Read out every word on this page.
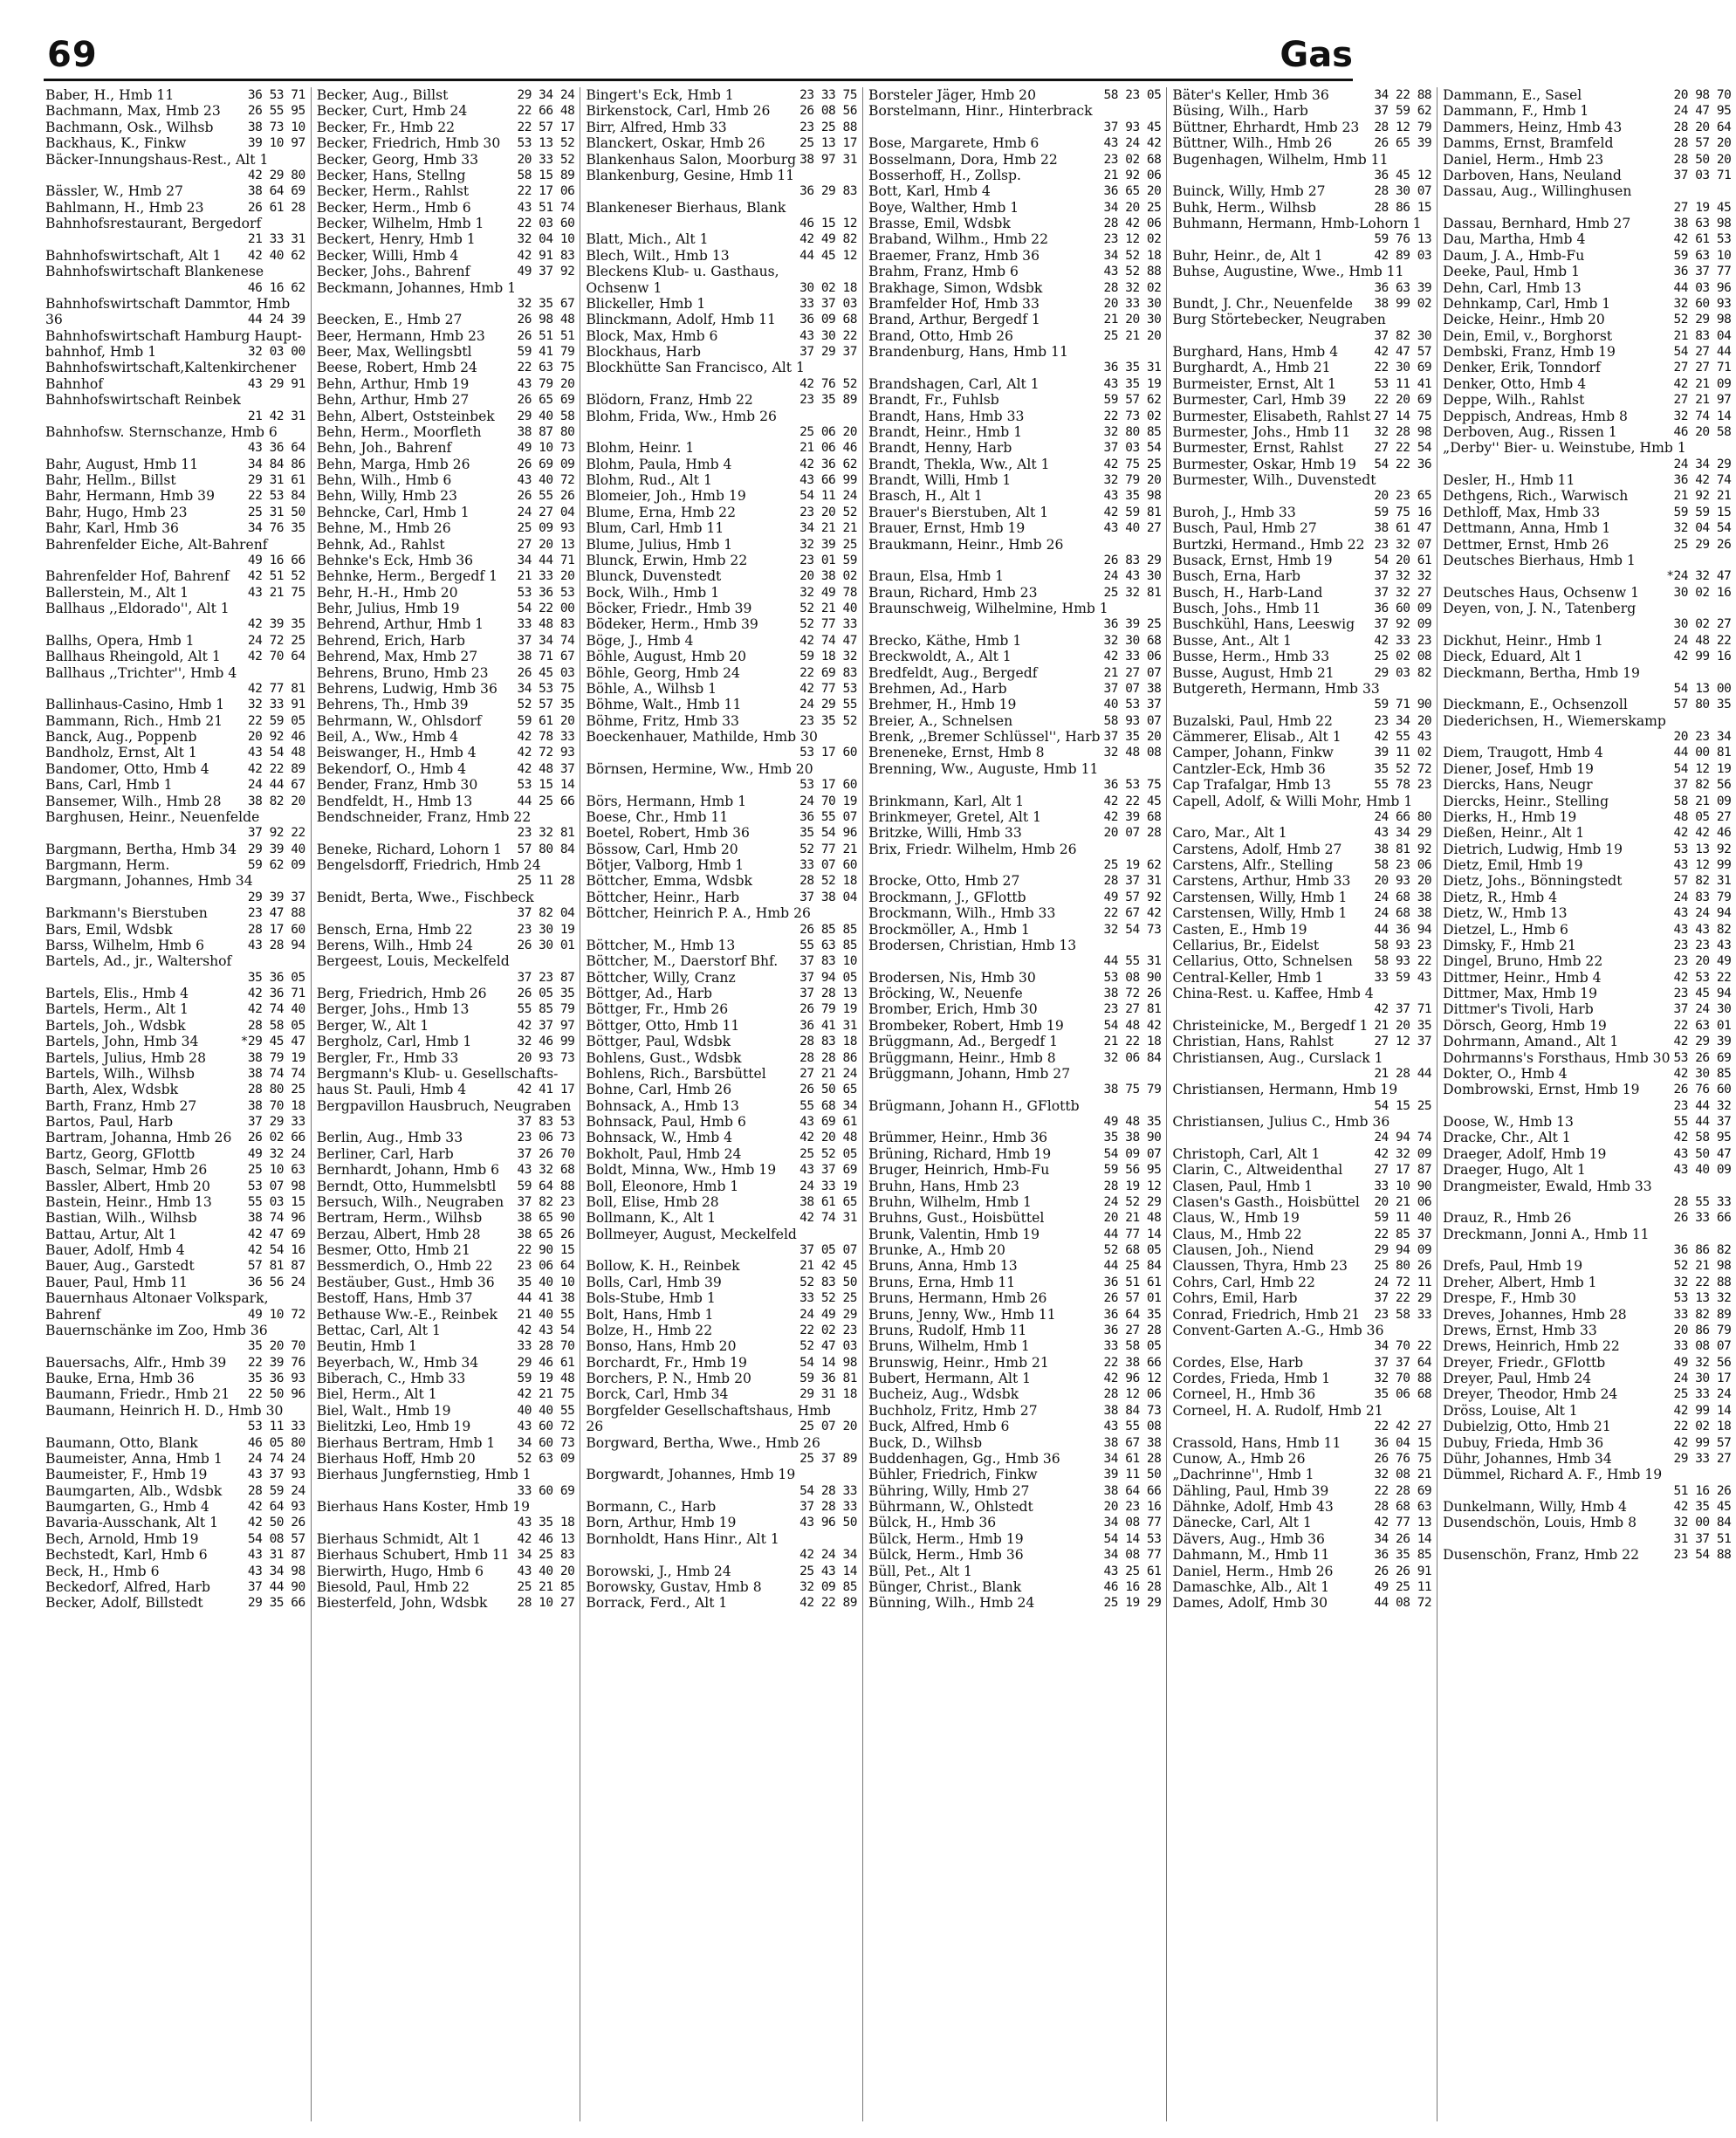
69	Gas
Baber, H., Hmb 11	36 53 71
Bachmann, Max, Hmb 23	26 55 95
Bachmann, Osk., Wilhsb	38 73 10
Backhaus, K., Finkw	39 10 97
Bäcker-Innungshaus-Rest., Alt 1
42 29 80
Bässler, W., Hmb 27	38 64 69
Bahlmann, H., Hmb 23	26 61 28
Bahnhofsrestaurant, Bergedorf
21 33 31
Bahnhofswirtschaft, Alt 1	42 40 62
Bahnhofswirtschaft Blankenese
46 16 62
Bahnhofswirtschaft Dammtor, Hmb
36	44 24 39
Bahnhofswirtschaft Hamburg Haupt-
bahnhof, Hmb 1	32 03 00
Bahnhofswirtschaft,Kaltenkirchener
Bahnhof	43 29 91
Bahnhofswirtschaft Reinbek
21 42 31
Bahnhofsw. Sternschanze, Hmb 6
43 36 64
Bahr, August, Hmb 11	34 84 86
Bahr, Hellm., Billst	29 31 61
Bahr, Hermann, Hmb 39	22 53 84
Bahr, Hugo, Hmb 23	25 31 50
Bahr, Karl, Hmb 36	34 76 35
Bahrenfelder Eiche, Alt-Bahrenf
49 16 66
Bahrenfelder Hof, Bahrenf	42 51 52
Ballerstein, M., Alt 1	43 21 75
Ballhaus ,,Eldorado'', Alt 1
42 39 35
Ballhs, Opera, Hmb 1	24 72 25
Ballhaus Rheingold, Alt 1	42 70 64
Ballhaus ,,Trichter'', Hmb 4
42 77 81
Ballinhaus-Casino, Hmb 1	32 33 91
Bammann, Rich., Hmb 21	22 59 05
Banck, Aug., Poppenb	20 92 46
Bandholz, Ernst, Alt 1	43 54 48
Bandomer, Otto, Hmb 4	42 22 89
Bans, Carl, Hmb 1	24 44 67
Bansemer, Wilh., Hmb 28	38 82 20
Barghusen, Heinr., Neuenfelde
37 92 22
Bargmann, Bertha, Hmb 34 29 39 40
Bargmann, Herm.	59 62 09
Bargmann, Johannes, Hmb 34
29 39 37
Barkmann's Bierstuben	23 47 88
Bars, Emil, Wdsbk	28 17 60
Barss, Wilhelm, Hmb 6	43 28 94
Bartels, Ad., jr., Waltershof
35 36 05
Bartels, Elis., Hmb 4	42 36 71
Bartels, Herm., Alt 1	42 74 40
Bartels, Joh., Wdsbk	28 58 05
Bartels, John, Hmb 34	*29 45 47
Bartels, Julius, Hmb 28	38 79 19
Bartels, Wilh., Wilhsb	38 74 74
Barth, Alex, Wdsbk	28 80 25
Barth, Franz, Hmb 27	38 70 18
Bartos, Paul, Harb	37 29 33
Bartram, Johanna, Hmb 26	26 02 66
Bartz, Georg, GFlottb	49 32 24
Basch, Selmar, Hmb 26	25 10 63
Bassler, Albert, Hmb 20	53 07 98
Bastein, Heinr., Hmb 13	55 03 15
Bastian, Wilh., Wilhsb	38 74 96
Battau, Artur, Alt 1	42 47 69
Bauer, Adolf, Hmb 4	42 54 16
Bauer, Aug., Garstedt	57 81 87
Bauer, Paul, Hmb 11	36 56 24
Bauernhaus Altonaer Volkspark,
Bahrenf	49 10 72
Bauernschänke im Zoo, Hmb 36
35 20 70
Bauersachs, Alfr., Hmb 39	22 39 76
Bauke, Erna, Hmb 36	35 36 93
Baumann, Friedr., Hmb 21	22 50 96
Baumann, Heinrich H. D., Hmb 30
53 11 33
Baumann, Otto, Blank	46 05 80
Baumeister, Anna, Hmb 1	24 74 24
Baumeister, F., Hmb 19	43 37 93
Baumgarten, Alb., Wdsbk	28 59 24
Baumgarten, G., Hmb 4	42 64 93
Bavaria-Ausschank, Alt 1	42 50 26
Bech, Arnold, Hmb 19	54 08 57
Bechstedt, Karl, Hmb 6	43 31 87
Beck, H., Hmb 6	43 34 98
Beckedorf, Alfred, Harb	37 44 90
Becker, Adolf, Billstedt	29 35 66
Becker, Aug., Billst	29 34 24
Becker, Curt, Hmb 24	22 66 48
Becker, Fr., Hmb 22	22 57 17
Becker, Friedrich, Hmb 30	53 13 52
Becker, Georg, Hmb 33	20 33 52
Becker, Hans, Stellng	58 15 89
Becker, Herm., Rahlst	22 17 06
Becker, Herm., Hmb 6	43 51 74
Becker, Wilhelm, Hmb 1	22 03 60
Beckert, Henry, Hmb 1	32 04 10
Becker, Willi, Hmb 4	42 91 83
Becker, Johs., Bahrenf	49 37 92
Beckmann, Johannes, Hmb 1
32 35 67
Beecken, E., Hmb 27	26 98 48
Beer, Hermann, Hmb 23	26 51 51
Beer, Max, Wellingsbtl	59 41 79
Beese, Robert, Hmb 24	22 63 75
Behn, Arthur, Hmb 19	43 79 20
Behn, Arthur, Hmb 27	26 65 69
Behn, Albert, Oststeinbek	29 40 58
Behn, Herm., Moorfleth	38 87 80
Behn, Joh., Bahrenf	49 10 73
Behn, Marga, Hmb 26	26 69 09
Behn, Wilh., Hmb 6	43 40 72
Behn, Willy, Hmb 23	26 55 26
Behncke, Carl, Hmb 1	24 27 04
Behne, M., Hmb 26	25 09 93
Behnk, Ad., Rahlst	27 20 13
Behnke's Eck, Hmb 36	34 44 71
Behnke, Herm., Bergedf 1	21 33 20
Behr, H.-H., Hmb 20	53 36 53
Behr, Julius, Hmb 19	54 22 00
Behrend, Arthur, Hmb 1	33 48 83
Behrend, Erich, Harb	37 34 74
Behrend, Max, Hmb 27	38 71 67
Behrens, Bruno, Hmb 23	26 45 03
Behrens, Ludwig, Hmb 36	34 53 75
Behrens, Th., Hmb 39	52 57 35
Behrmann, W., Ohlsdorf	59 61 20
Beil, A., Ww., Hmb 4	42 78 33
Beiswanger, H., Hmb 4	42 72 93
Bekendorf, O., Hmb 4	42 48 37
Bender, Franz, Hmb 30	53 15 14
Bendfeldt, H., Hmb 13	44 25 66
Bendschneider, Franz, Hmb 22
23 32 81
Beneke, Richard, Lohorn 1	57 80 84
Bengelsdorff, Friedrich, Hmb 24
25 11 28
Benidt, Berta, Wwe., Fischbeck
37 82 04
Bensch, Erna, Hmb 22	23 30 19
Berens, Wilh., Hmb 24	26 30 01
Bergeest, Louis, Meckelfeld
37 23 87
Berg, Friedrich, Hmb 26	26 05 35
Berger, Johs., Hmb 13	55 85 79
Berger, W., Alt 1	42 37 97
Bergholz, Carl, Hmb 1	32 46 99
Bergler, Fr., Hmb 33	20 93 73
Bergmann's Klub- u. Gesellschafts-
haus St. Pauli, Hmb 4	42 41 17
Bergpavillon Hausbruch, Neugraben
37 83 53
Berlin, Aug., Hmb 33	23 06 73
Berliner, Carl, Harb	37 26 70
Bernhardt, Johann, Hmb 6	43 32 68
Berndt, Otto, Hummelsbtl	59 64 88
Bersuch, Wilh., Neugraben	37 82 23
Bertram, Herm., Wilhsb	38 65 90
Berzau, Albert, Hmb 28	38 65 26
Besmer, Otto, Hmb 21	22 90 15
Bessmerdich, O., Hmb 22	23 06 64
Bestäuber, Gust., Hmb 36	35 40 10
Bestoff, Hans, Hmb 37	44 41 38
Bethause Ww.-E., Reinbek	21 40 55
Bettac, Carl, Alt 1	42 43 54
Beutin, Hmb 1	33 28 70
Beyerbach, W., Hmb 34	29 46 61
Biberach, C., Hmb 33	59 19 48
Biel, Herm., Alt 1	42 21 75
Biel, Walt., Hmb 19	40 40 55
Bielitzki, Leo, Hmb 19	43 60 72
Bierhaus Bertram, Hmb 1	34 60 73
Bierhaus Hoff, Hmb 20	52 63 09
Bierhaus Jungfernstieg, Hmb 1
33 60 69
Bierhaus Hans Koster, Hmb 19
43 35 18
Bierhaus Schmidt, Alt 1	42 46 13
Bierhaus Schubert, Hmb 11 34 25 83
Bierwirth, Hugo, Hmb 6	43 40 20
Biesold, Paul, Hmb 22	25 21 85
Biesterfeld, John, Wdsbk	28 10 27
Bingert's Eck, Hmb 1	23 33 75
Birkenstock, Carl, Hmb 26	26 08 56
Birr, Alfred, Hmb 33	23 25 88
Blanckert, Oskar, Hmb 26	25 13 17
Blankenhaus Salon, Moorburg 38 97 31
Blankenburg, Gesine, Hmb 11
36 29 83
Blankeneser Bierhaus, Blank
46 15 12
Blatt, Mich., Alt 1	42 49 82
Blech, Wilt., Hmb 13	44 45 12
Bleckens Klub- u. Gasthaus,
Ochsenw 1	30 02 18
Blickeller, Hmb 1	33 37 03
Blinckmann, Adolf, Hmb 11	36 09 68
Block, Max, Hmb 6	43 30 22
Blockhaus, Harb	37 29 37
Blockhütte San Francisco, Alt 1
42 76 52
Blödorn, Franz, Hmb 22	23 35 89
Blohm, Frida, Ww., Hmb 26
25 06 20
Blohm, Heinr. 1	21 06 46
Blohm, Paula, Hmb 4	42 36 62
Blohm, Rud., Alt 1	43 66 99
Blomeier, Joh., Hmb 19	54 11 24
Blume, Erna, Hmb 22	23 20 52
Blum, Carl, Hmb 11	34 21 21
Blume, Julius, Hmb 1	32 39 25
Blunck, Erwin, Hmb 22	23 01 59
Blunck, Duvenstedt	20 38 02
Bock, Wilh., Hmb 1	32 49 78
Böcker, Friedr., Hmb 39	52 21 40
Bödeker, Herm., Hmb 39	52 77 33
Böge, J., Hmb 4	42 74 47
Böhle, August, Hmb 20	59 18 32
Böhle, Georg, Hmb 24	22 69 83
Böhle, A., Wilhsb 1	42 77 53
Böhme, Walt., Hmb 11	24 29 55
Böhme, Fritz, Hmb 33	23 35 52
Boeckenhauer, Mathilde, Hmb 30
53 17 60
Börnsen, Hermine, Ww., Hmb 20
53 17 60
Börs, Hermann, Hmb 1	24 70 19
Boese, Chr., Hmb 11	36 55 07
Boetel, Robert, Hmb 36	35 54 96
Bössow, Carl, Hmb 20	52 77 21
Bötjer, Valborg, Hmb 1	33 07 60
Böttcher, Emma, Wdsbk	28 52 18
Böttcher, Heinr., Harb	37 38 04
Böttcher, Heinrich P. A., Hmb 26
26 85 85
Böttcher, M., Hmb 13	55 63 85
Böttcher, M., Daerstorf Bhf.	37 83 10
Böttcher, Willy, Cranz	37 94 05
Böttger, Ad., Harb	37 28 13
Böttger, Fr., Hmb 26	26 79 19
Böttger, Otto, Hmb 11	36 41 31
Böttger, Paul, Wdsbk	28 83 18
Bohlens, Gust., Wdsbk	28 28 86
Bohlens, Rich., Barsbüttel	27 21 24
Bohne, Carl, Hmb 26	26 50 65
Bohnsack, A., Hmb 13	55 68 34
Bohnsack, Paul, Hmb 6	43 69 61
Bohnsack, W., Hmb 4	42 20 48
Bokholt, Paul, Hmb 24	25 52 05
Boldt, Minna, Ww., Hmb 19	43 37 69
Boll, Eleonore, Hmb 1	24 33 19
Boll, Elise, Hmb 28	38 61 65
Bollmann, K., Alt 1	42 74 31
Bollmeyer, August, Meckelfeld
37 05 07
Bollow, K. H., Reinbek	21 42 45
Bolls, Carl, Hmb 39	52 83 50
Bols-Stube, Hmb 1	33 52 25
Bolt, Hans, Hmb 1	24 49 29
Bolze, H., Hmb 22	22 02 23
Bonso, Hans, Hmb 20	52 47 03
Borchardt, Fr., Hmb 19	54 14 98
Borchers, P. N., Hmb 20	59 36 81
Borck, Carl, Hmb 34	29 31 18
Borgfelder Gesellschaftshaus, Hmb
26	25 07 20
Borgward, Bertha, Wwe., Hmb 26
25 37 89
Borgwardt, Johannes, Hmb 19
54 28 33
Bormann, C., Harb	37 28 33
Born, Arthur, Hmb 19	43 96 50
Bornholdt, Hans Hinr., Alt 1
42 24 34
Borowski, J., Hmb 24	25 43 14
Borowsky, Gustav, Hmb 8	32 09 85
Borrack, Ferd., Alt 1	42 22 89
Borsteler Jäger, Hmb 20	58 23 05
Borstelmann, Hinr., Hinterbrack
37 93 45
Bose, Margarete, Hmb 6	43 24 42
Bosselmann, Dora, Hmb 22	23 02 68
Bosserhoff, H., Zollsp.	21 92 06
Bott, Karl, Hmb 4	36 65 20
Boye, Walther, Hmb 1	34 20 25
Brasse, Emil, Wdsbk	28 42 06
Braband, Wilhm., Hmb 22	23 12 02
Braemer, Franz, Hmb 36	34 52 18
Brahm, Franz, Hmb 6	43 52 88
Brakhage, Simon, Wdsbk	28 32 02
Bramfelder Hof, Hmb 33	20 33 30
Brand, Arthur, Bergedf 1	21 20 30
Brand, Otto, Hmb 26	25 21 20
Brandenburg, Hans, Hmb 11
36 35 31
Brandshagen, Carl, Alt 1	43 35 19
Brandt, Fr., Fuhlsb	59 57 62
Brandt, Hans, Hmb 33	22 73 02
Brandt, Heinr., Hmb 1	32 80 85
Brandt, Henny, Harb	37 03 54
Brandt, Thekla, Ww., Alt 1	42 75 25
Brandt, Willi, Hmb 1	32 79 20
Brasch, H., Alt 1	43 35 98
Brauer's Bierstuben, Alt 1	42 59 81
Brauer, Ernst, Hmb 19	43 40 27
Braukmann, Heinr., Hmb 26
26 83 29
Braun, Elsa, Hmb 1	24 43 30
Braun, Richard, Hmb 23	25 32 81
Braunschweig, Wilhelmine, Hmb 1
36 39 25
Brecko, Käthe, Hmb 1	32 30 68
Breckwoldt, A., Alt 1	42 33 06
Bredfeldt, Aug., Bergedf	21 27 07
Brehmen, Ad., Harb	37 07 38
Brehmer, H., Hmb 19	40 53 37
Breier, A., Schnelsen	58 93 07
Brenk, ,,Bremer Schlüssel'', Harb 37 35 20
Breneneke, Ernst, Hmb 8	32 48 08
Brenning, Ww., Auguste, Hmb 11
36 53 75
Brinkmann, Karl, Alt 1	42 22 45
Brinkmeyer, Gretel, Alt 1	42 39 68
Britzke, Willi, Hmb 33	20 07 28
Brix, Friedr. Wilhelm, Hmb 26
25 19 62
Brocke, Otto, Hmb 27	28 37 31
Brockmann, J., GFlottb	49 57 92
Brockmann, Wilh., Hmb 33	22 67 42
Brockmöller, A., Hmb 1	32 54 73
Brodersen, Christian, Hmb 13
44 55 31
Brodersen, Nis, Hmb 30	53 08 90
Bröcking, W., Neuenfe	38 72 26
Bromber, Erich, Hmb 30	23 27 81
Brombeker, Robert, Hmb 19	54 48 42
Brüggmann, Ad., Bergedf 1	21 22 18
Brüggmann, Heinr., Hmb 8	32 06 84
Brüggmann, Johann, Hmb 27
38 75 79
Brügmann, Johann H., GFlottb
49 48 35
Brümmer, Heinr., Hmb 36	35 38 90
Brüning, Richard, Hmb 19	54 09 07
Bruger, Heinrich, Hmb-Fu	59 56 95
Bruhn, Hans, Hmb 23	28 19 12
Bruhn, Wilhelm, Hmb 1	24 52 29
Bruhns, Gust., Hoisbüttel	20 21 48
Brunk, Valentin, Hmb 19	44 77 14
Brunke, A., Hmb 20	52 68 05
Bruns, Anna, Hmb 13	44 25 84
Bruns, Erna, Hmb 11	36 51 61
Bruns, Hermann, Hmb 26	26 57 01
Bruns, Jenny, Ww., Hmb 11	36 64 35
Bruns, Rudolf, Hmb 11	36 27 28
Bruns, Wilhelm, Hmb 1	33 58 05
Brunswig, Heinr., Hmb 21	22 38 66
Bubert, Hermann, Alt 1	42 96 12
Bucheiz, Aug., Wdsbk	28 12 06
Buchholz, Fritz, Hmb 27	38 84 73
Buck, Alfred, Hmb 6	43 55 08
Buck, D., Wilhsb	38 67 38
Buddenhagen, Gg., Hmb 36	34 61 28
Bühler, Friedrich, Finkw	39 11 50
Bühring, Willy, Hmb 27	38 64 66
Bührmann, W., Ohlstedt	20 23 16
Bülck, H., Hmb 36	34 08 77
Bülck, Herm., Hmb 19	54 14 53
Bülck, Herm., Hmb 36	34 08 77
Büll, Pet., Alt 1	43 25 61
Bünger, Christ., Blank	46 16 28
Bünning, Wilh., Hmb 24	25 19 29
Bäter's Keller, Hmb 36	34 22 88
Büsing, Wilh., Harb	37 59 62
Büttner, Ehrhardt, Hmb 23	28 12 79
Büttner, Wilh., Hmb 26	26 65 39
Bugenhagen, Wilhelm, Hmb 11
36 45 12
Buinck, Willy, Hmb 27	28 30 07
Buhk, Herm., Wilhsb	28 86 15
Buhmann, Hermann, Hmb-Lohorn 1
59 76 13
Buhr, Heinr., de, Alt 1	42 89 03
Buhse, Augustine, Wwe., Hmb 11
36 63 39
Bundt, J. Chr., Neuenfelde	38 99 02
Burg Störtebecker, Neugraben
37 82 30
Burghard, Hans, Hmb 4	42 47 57
Burghardt, A., Hmb 21	22 30 69
Burmeister, Ernst, Alt 1	53 11 41
Burmester, Carl, Hmb 39	22 20 69
Burmester, Elisabeth, Rahlst 27 14 75
Burmester, Johs., Hmb 11	32 28 98
Burmester, Ernst, Rahlst	27 22 54
Burmester, Oskar, Hmb 19	54 22 36
Burmester, Wilh., Duvenstedt
20 23 65
Buroh, J., Hmb 33	59 75 16
Busch, Paul, Hmb 27	38 61 47
Burtzki, Hermand., Hmb 22 23 32 07
Busack, Ernst, Hmb 19	54 20 61
Busch, Erna, Harb	37 32 32
Busch, H., Harb-Land	37 32 27
Busch, Johs., Hmb 11	36 60 09
Buschkühl, Hans, Leeswig	37 92 09
Busse, Ant., Alt 1	42 33 23
Busse, Herm., Hmb 33	25 02 08
Busse, August, Hmb 21	29 03 82
Butgereth, Hermann, Hmb 33
59 71 90
Buzalski, Paul, Hmb 22	23 34 20
Cämmerer, Elisab., Alt 1	42 55 43
Camper, Johann, Finkw	39 11 02
Cantzler-Eck, Hmb 36	35 52 72
Cap Trafalgar, Hmb 13	55 78 23
Capell, Adolf, & Willi Mohr, Hmb 1
24 66 80
Caro, Mar., Alt 1	43 34 29
Carstens, Adolf, Hmb 27	38 81 92
Carstens, Alfr., Stelling	58 23 06
Carstens, Arthur, Hmb 33	20 93 20
Carstensen, Willy, Hmb 1	24 68 38
Carstensen, Willy, Hmb 1	24 68 38
Casten, E., Hmb 19	44 36 94
Cellarius, Br., Eidelst	58 93 23
Cellarius, Otto, Schnelsen	58 93 22
Central-Keller, Hmb 1	33 59 43
China-Rest. u. Kaffee, Hmb 4
42 37 71
Christeinicke, M., Bergedf 1 21 20 35
Christian, Hans, Rahlst	27 12 37
Christiansen, Aug., Curslack 1
21 28 44
Christiansen, Hermann, Hmb 19
54 15 25
Christiansen, Julius C., Hmb 36
24 94 74
Christoph, Carl, Alt 1	42 32 09
Clarin, C., Altweidenthal	27 17 87
Clasen, Paul, Hmb 1	33 10 90
Clasen's Gasth., Hoisbüttel	20 21 06
Claus, W., Hmb 19	59 11 40
Claus, M., Hmb 22	22 85 37
Clausen, Joh., Niend	29 94 09
Claussen, Thyra, Hmb 23	25 80 26
Cohrs, Carl, Hmb 22	24 72 11
Cohrs, Emil, Harb	37 22 29
Conrad, Friedrich, Hmb 21	23 58 33
Convent-Garten A.-G., Hmb 36
34 70 22
Cordes, Else, Harb	37 37 64
Cordes, Frieda, Hmb 1	32 70 88
Corneel, H., Hmb 36	35 06 68
Corneel, H. A. Rudolf, Hmb 21
22 42 27
Crassold, Hans, Hmb 11	36 04 15
Cunow, A., Hmb 26	26 76 75
„Dachrinne'', Hmb 1	32 08 21
Dähling, Paul, Hmb 39	22 28 69
Dähnke, Adolf, Hmb 43	28 68 63
Dänecke, Carl, Alt 1	42 77 13
Dävers, Aug., Hmb 36	34 26 14
Dahmann, M., Hmb 11	36 35 85
Daniel, Herm., Hmb 26	26 26 91
Damaschke, Alb., Alt 1	49 25 11
Dames, Adolf, Hmb 30	44 08 72
Dammann, E., Sasel	20 98 70
Dammann, F., Hmb 1	24 47 95
Dammers, Heinz, Hmb 43	28 20 64
Damms, Ernst, Bramfeld	28 57 20
Daniel, Herm., Hmb 23	28 50 20
Darboven, Hans, Neuland	37 03 71
Dassau, Aug., Willinghusen
27 19 45
Dassau, Bernhard, Hmb 27	38 63 98
Dau, Martha, Hmb 4	42 61 53
Daum, J. A., Hmb-Fu	59 63 10
Deeke, Paul, Hmb 1	36 37 77
Dehn, Carl, Hmb 13	44 03 96
Dehnkamp, Carl, Hmb 1	32 60 93
Deicke, Heinr., Hmb 20	52 29 98
Dein, Emil, v., Borghorst	21 83 04
Dembski, Franz, Hmb 19	54 27 44
Denker, Erik, Tonndorf	27 27 71
Denker, Otto, Hmb 4	42 21 09
Deppe, Wilh., Rahlst	27 21 97
Deppisch, Andreas, Hmb 8	32 74 14
Derboven, Aug., Rissen 1	46 20 58
„Derby'' Bier- u. Weinstube, Hmb 1
24 34 29
Desler, H., Hmb 11	36 42 74
Dethgens, Rich., Warwisch	21 92 21
Dethloff, Max, Hmb 33	59 59 15
Dettmann, Anna, Hmb 1	32 04 54
Dettmer, Ernst, Hmb 26	25 29 26
Deutsches Bierhaus, Hmb 1
*24 32 47
Deutsches Haus, Ochsenw 1	30 02 16
Deyen, von, J. N., Tatenberg
30 02 27
Dickhut, Heinr., Hmb 1	24 48 22
Dieck, Eduard, Alt 1	42 99 16
Dieckmann, Bertha, Hmb 19
54 13 00
Dieckmann, E., Ochsenzoll	57 80 35
Diederichsen, H., Wiemerskamp
20 23 34
Diem, Traugott, Hmb 4	44 00 81
Diener, Josef, Hmb 19	54 12 19
Diercks, Hans, Neugr	37 82 56
Diercks, Heinr., Stelling	58 21 09
Dierks, H., Hmb 19	48 05 27
Dießen, Heinr., Alt 1	42 42 46
Dietrich, Ludwig, Hmb 19	53 13 92
Dietz, Emil, Hmb 19	43 12 99
Dietz, Johs., Bönningstedt	57 82 31
Dietz, R., Hmb 4	24 83 79
Dietz, W., Hmb 13	43 24 94
Dietzel, L., Hmb 6	43 43 82
Dimsky, F., Hmb 21	23 23 43
Dingel, Bruno, Hmb 22	23 20 49
Dittmer, Heinr., Hmb 4	42 53 22
Dittmer, Max, Hmb 19	23 45 94
Dittmer's Tivoli, Harb	37 24 30
Dörsch, Georg, Hmb 19	22 63 01
Dohrmann, Amand., Alt 1	42 29 39
Dohrmanns's Forsthaus, Hmb 30 53 26 69
Dokter, O., Hmb 4	42 30 85
Dombrowski, Ernst, Hmb 19	26 76 60
23 44 32
Doose, W., Hmb 13	55 44 37
Dracke, Chr., Alt 1	42 58 95
Draeger, Adolf, Hmb 19	43 50 47
Draeger, Hugo, Alt 1	43 40 09
Drangmeister, Ewald, Hmb 33
28 55 33
Drauz, R., Hmb 26	26 33 66
Dreckmann, Jonni A., Hmb 11
36 86 82
Drefs, Paul, Hmb 19	52 21 98
Dreher, Albert, Hmb 1	32 22 88
Drespe, F., Hmb 30	53 13 32
Dreves, Johannes, Hmb 28	33 82 89
Drews, Ernst, Hmb 33	20 86 79
Drews, Heinrich, Hmb 22	33 08 07
Dreyer, Friedr., GFlottb	49 32 56
Dreyer, Paul, Hmb 24	24 30 17
Dreyer, Theodor, Hmb 24	25 33 24
Dröss, Louise, Alt 1	42 99 14
Dubielzig, Otto, Hmb 21	22 02 18
Dubuy, Frieda, Hmb 36	42 99 57
Dühr, Johannes, Hmb 34	29 33 27
Dümmel, Richard A. F., Hmb 19
51 16 26
Dunkelmann, Willy, Hmb 4	42 35 45
Dusendschön, Louis, Hmb 8	32 00 84
31 37 51
Dusenschön, Franz, Hmb 22	23 54 88
